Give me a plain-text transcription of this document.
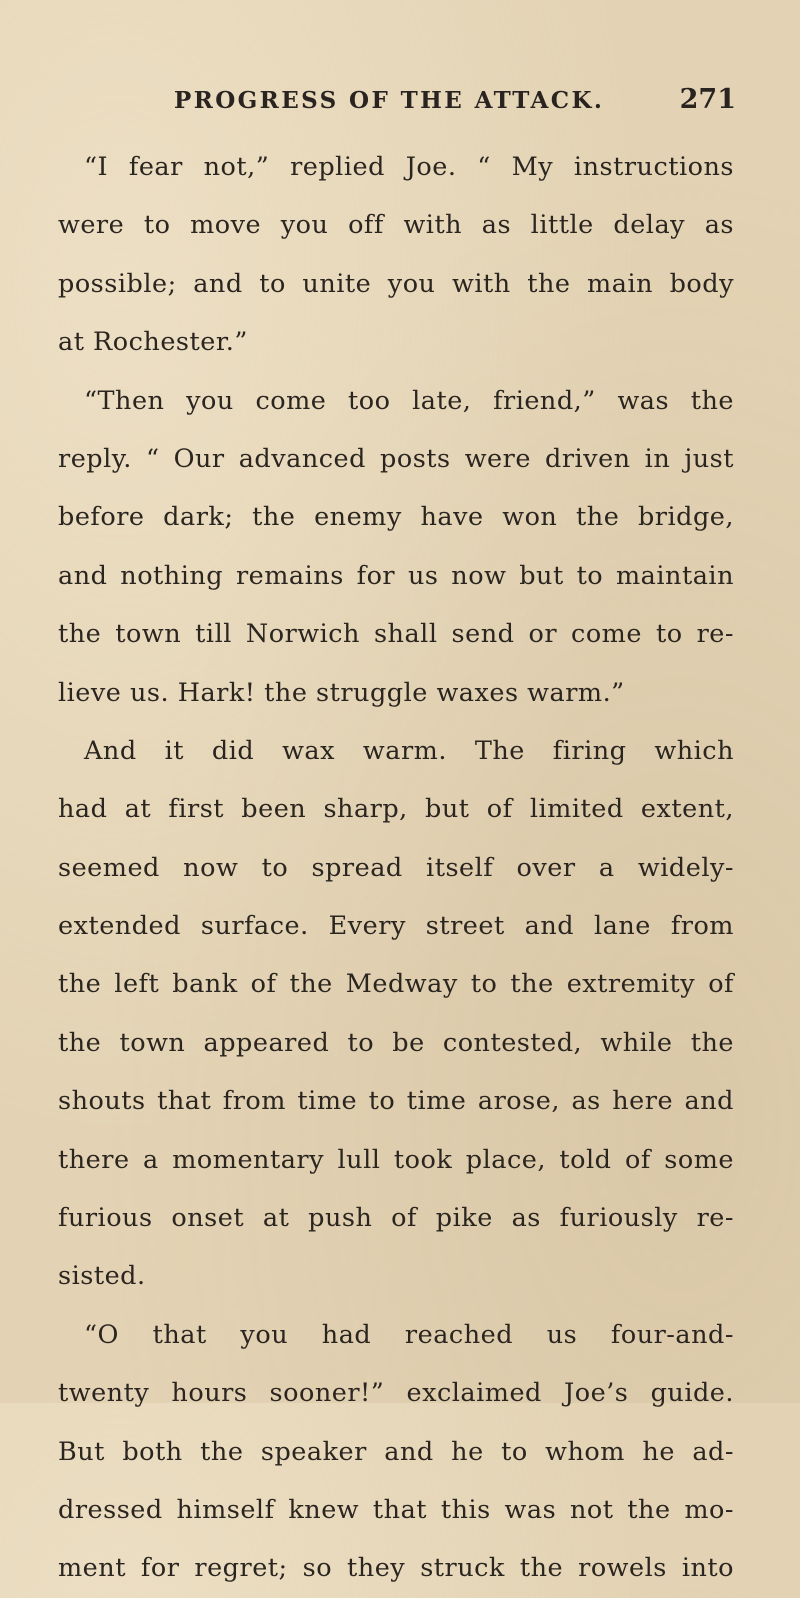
PROGRESS OF THE ATTACK.	271
“I fear not,” replied Joe. “ My instructions
were to move you off with as little delay as
possible; and to unite you with the main body
at Rochester.”
“Then you come too late, friend,” was the
reply. “ Our advanced posts were driven in just
before dark; the enemy have won the bridge,
and nothing remains for us now but to maintain
the town till Norwich shall send or come to re-
lieve us. Hark! the struggle waxes warm.”
And it did wax warm. The firing which
had at first been sharp, but of limited extent,
seemed now to spread itself over a widely-
extended surface. Every street and lane from
the left bank of the Medway to the extremity of
the town appeared to be contested, while the
shouts that from time to time arose, as here and
there a momentary lull took place, told of some
furious onset at push of pike as furiously re-
sisted.
“O that you had reached us four-and-
twenty hours sooner!” exclaimed Joe’s guide.
But both the speaker and he to whom he ad-
dressed himself knew that this was not the mo-
ment for regret; so they struck the rowels into
